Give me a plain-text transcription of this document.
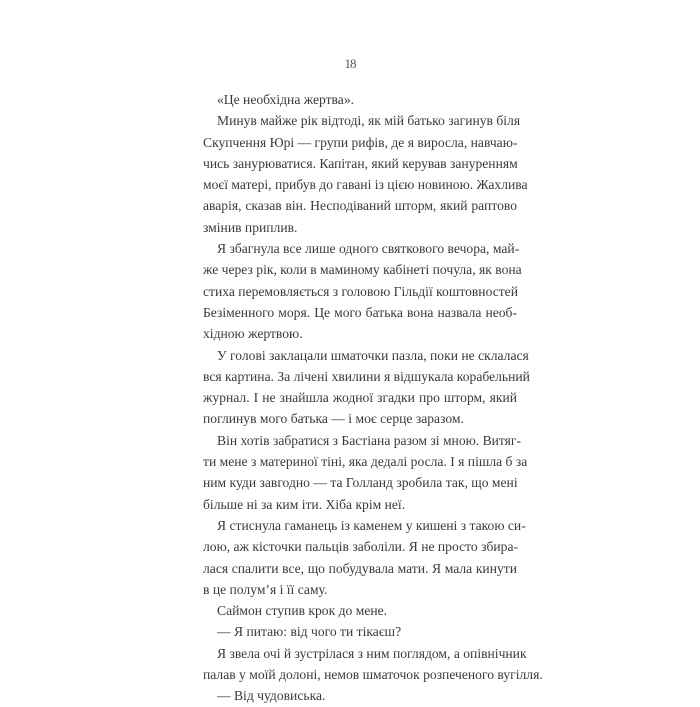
18
«Це необхідна жертва».
Минув майже рік відтоді, як мій батько загинув біля
Скупчення Юрі — групи рифів, де я виросла, навчаю-
чись занурюватися. Капітан, який керував зануренням
моєї матері, прибув до гавані із цією новиною. Жахлива
аварія, сказав він. Несподіваний шторм, який раптово
змінив приплив.
Я збагнула все лише одного святкового вечора, май-
же через рік, коли в маминому кабінеті почула, як вона
стиха перемовляється з головою Гільдії коштовностей
Безіменного моря. Це мого батька вона назвала необ-
хідною жертвою.
У голові заклацали шматочки пазла, поки не склалася
вся картина. За лічені хвилини я відшукала корабельний
журнал. І не знайшла жодної згадки про шторм, який
поглинув мого батька — і моє серце заразом.
Він хотів забратися з Бастіана разом зі мною. Витяг-
ти мене з материної тіні, яка дедалі росла. І я пішла б за
ним куди завгодно — та Голланд зробила так, що мені
більше ні за ким іти. Хіба крім неї.
Я стиснула гаманець із каменем у кишені з такою си-
лою, аж кісточки пальців заболіли. Я не просто збира-
лася спалити все, що побудувала мати. Я мала кинути
в це полум’я і її саму.
Саймон ступив крок до мене.
— Я питаю: від чого ти тікаєш?
Я звела очі й зустрілася з ним поглядом, а опівнічник
палав у моїй долоні, немов шматочок розпеченого вугілля.
— Від чудовиська.
